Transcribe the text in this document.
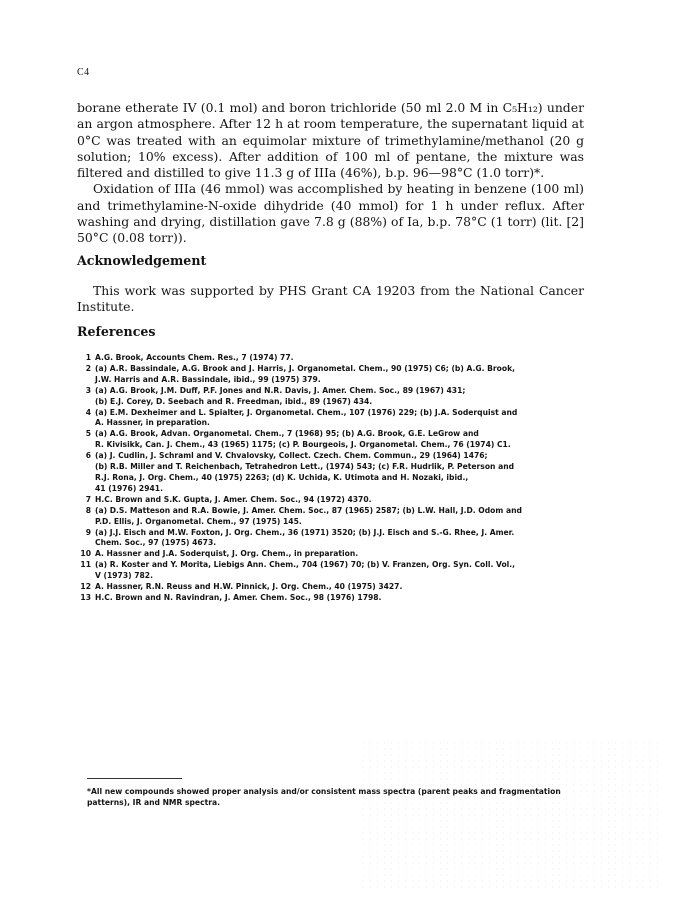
C4

borane etherate IV (0.1 mol) and boron trichloride (50 ml 2.0 M in C₅H₁₂) under an argon atmosphere. After 12 h at room temperature, the supernatant liquid at 0°C was treated with an equimolar mixture of trimethylamine/methanol (20 g solution; 10% excess). After addition of 100 ml of pentane, the mixture was filtered and distilled to give 11.3 g of IIIa (46%), b.p. 96—98°C (1.0 torr)*.

Oxidation of IIIa (46 mmol) was accomplished by heating in benzene (100 ml) and trimethylamine-N-oxide dihydride (40 mmol) for 1 h under reflux. After washing and drying, distillation gave 7.8 g (88%) of Ia, b.p. 78°C (1 torr) (lit. [2] 50°C (0.08 torr)).

Acknowledgement

This work was supported by PHS Grant CA 19203 from the National Cancer Institute.

References
1 A.G. Brook, Accounts Chem. Res., 7 (1974) 77.
2 (a) A.R. Bassindale, A.G. Brook and J. Harris, J. Organometal. Chem., 90 (1975) C6; (b) A.G. Brook,
J.W. Harris and A.R. Bassindale, ibid., 99 (1975) 379.
3 (a) A.G. Brook, J.M. Duff, P.F. Jones and N.R. Davis, J. Amer. Chem. Soc., 89 (1967) 431;
(b) E.J. Corey, D. Seebach and R. Freedman, ibid., 89 (1967) 434.
4 (a) E.M. Dexheimer and L. Spialter, J. Organometal. Chem., 107 (1976) 229; (b) J.A. Soderquist and
A. Hassner, in preparation.
5 (a) A.G. Brook, Advan. Organometal. Chem., 7 (1968) 95; (b) A.G. Brook, G.E. LeGrow and
R. Kivisikk, Can. J. Chem., 43 (1965) 1175; (c) P. Bourgeois, J. Organometal. Chem., 76 (1974) C1.
6 (a) J. Cudlin, J. Schraml and V. Chvalovsky, Collect. Czech. Chem. Commun., 29 (1964) 1476;
(b) R.B. Miller and T. Reichenbach, Tetrahedron Lett., (1974) 543; (c) F.R. Hudrlik, P. Peterson and
R.J. Rona, J. Org. Chem., 40 (1975) 2263; (d) K. Uchida, K. Utimota and H. Nozaki, ibid.,
41 (1976) 2941.
7 H.C. Brown and S.K. Gupta, J. Amer. Chem. Soc., 94 (1972) 4370.
8 (a) D.S. Matteson and R.A. Bowie, J. Amer. Chem. Soc., 87 (1965) 2587; (b) L.W. Hall, J.D. Odom and
P.D. Ellis, J. Organometal. Chem., 97 (1975) 145.
9 (a) J.J. Eisch and M.W. Foxton, J. Org. Chem., 36 (1971) 3520; (b) J.J. Eisch and S.-G. Rhee, J. Amer.
Chem. Soc., 97 (1975) 4673.
10 A. Hassner and J.A. Soderquist, J. Org. Chem., in preparation.
11 (a) R. Koster and Y. Morita, Liebigs Ann. Chem., 704 (1967) 70; (b) V. Franzen, Org. Syn. Coll. Vol.,
V (1973) 782.
12 A. Hassner, R.N. Reuss and H.W. Pinnick, J. Org. Chem., 40 (1975) 3427.
13 H.C. Brown and N. Ravindran, J. Amer. Chem. Soc., 98 (1976) 1798.
*All new compounds showed proper analysis and/or consistent mass spectra (parent peaks and fragmentation patterns), IR and NMR spectra.
